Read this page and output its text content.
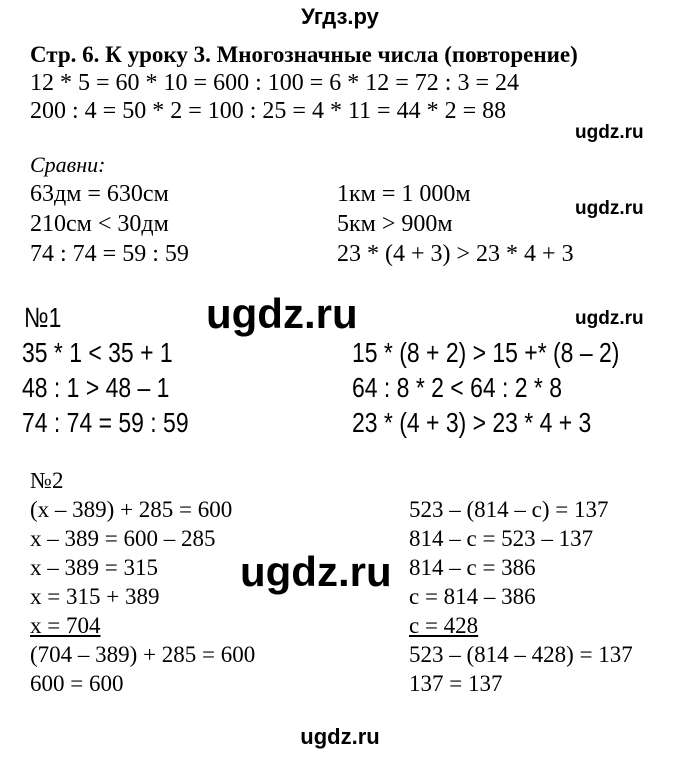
Угдз.ру
Стр. 6. К уроку 3. Многозначные числа (повторение)
12 * 5 = 60 * 10 = 600 : 100 = 6 * 12 = 72 : 3 = 24
200 : 4 = 50 * 2 = 100 : 25 = 4 * 11 = 44 * 2 = 88
ugdz.ru
Сравни:
63дм = 630см
210см < 30дм
74 : 74 = 59 : 59
1км = 1 000м
5км > 900м
23 * (4 + 3) > 23 * 4 + 3
ugdz.ru
№1	ugdz.ru	ugdz.ru
35 * 1 < 35 + 1
48 : 1 > 48 – 1
74 : 74 = 59 : 59
15 * (8 + 2) > 15 +* (8 – 2)
64 : 8 * 2 < 64 : 2 * 8
23 * (4 + 3) > 23 * 4 + 3
№2
(x – 389) + 285 = 600
x – 389 = 600 – 285
x – 389 = 315
x = 315 + 389
x = 704
(704 – 389) + 285 = 600
600 = 600
523 – (814 – c) = 137
814 – c = 523 – 137
814 – c = 386
c = 814 – 386
c = 428
523 – (814 – 428) = 137
137 = 137
ugdz.ru
ugdz.ru
